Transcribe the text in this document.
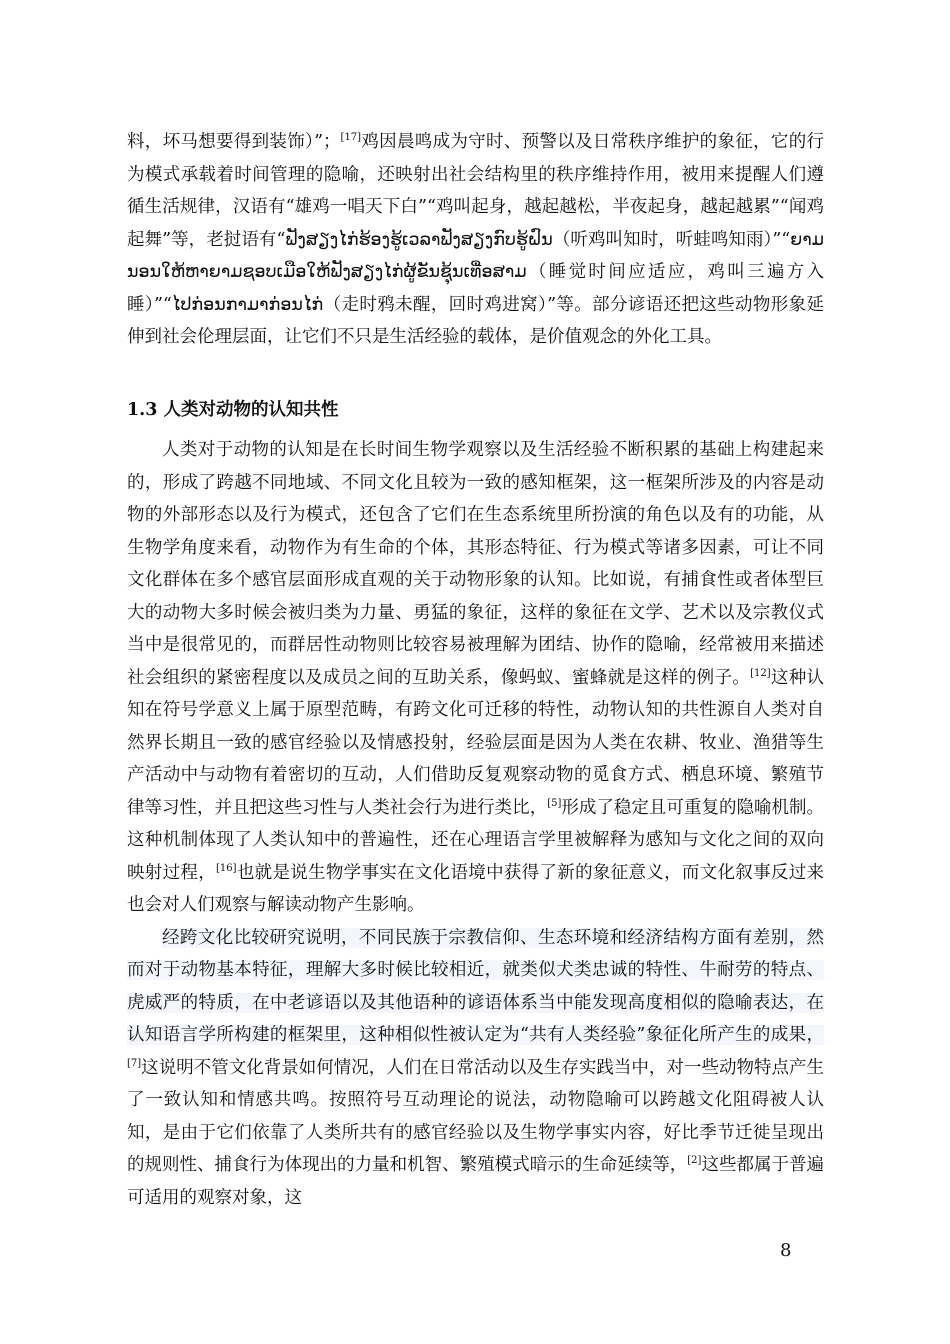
料，坏马想要得到装饰）”；[17]鸡因晨鸣成为守时、预警以及日常秩序维护的象征，它的行为模式承载着时间管理的隐喻，还映射出社会结构里的秩序维持作用，被用来提醒人们遵循生活规律，汉语有“雄鸡一唱天下白”“鸡叫起身，越起越松，半夜起身，越起越累”“闻鸡起舞”等，老挝语有“ຟັງສຽງໄກ່ຮ້ອງຮູ້ເວລາຟັງສຽງກົບຮູ້ຝົນ（听鸡叫知时，听蛙鸣知雨）”“ຍາມນອນໃຫ້ຫາຍາມຊອບເມືອໃຫ້ຟັງສຽງໄກ່ຜູ້ຂັນຊຸ້ນເທື່ອສາມ（睡觉时间应适应，鸡叫三遍方入睡）”“ໄປກ່ອນກາມາກ່ອນໄກ່（走时鸦未醒，回时鸡进窝）”等。部分谚语还把这些动物形象延伸到社会伦理层面，让它们不只是生活经验的载体，是价值观念的外化工具。

1.3 人类对动物的认知共性

人类对于动物的认知是在长时间生物学观察以及生活经验不断积累的基础上构建起来的，形成了跨越不同地域、不同文化且较为一致的感知框架，这一框架所涉及的内容是动物的外部形态以及行为模式，还包含了它们在生态系统里所扮演的角色以及有的功能，从生物学角度来看，动物作为有生命的个体，其形态特征、行为模式等诸多因素，可让不同文化群体在多个感官层面形成直观的关于动物形象的认知。比如说，有捕食性或者体型巨大的动物大多时候会被归类为力量、勇猛的象征，这样的象征在文学、艺术以及宗教仪式当中是很常见的，而群居性动物则比较容易被理解为团结、协作的隐喻，经常被用来描述社会组织的紧密程度以及成员之间的互助关系，像蚂蚁、蜜蜂就是这样的例子。[12]这种认知在符号学意义上属于原型范畴，有跨文化可迁移的特性，动物认知的共性源自人类对自然界长期且一致的感官经验以及情感投射，经验层面是因为人类在农耕、牧业、渔猎等生产活动中与动物有着密切的互动，人们借助反复观察动物的觅食方式、栖息环境、繁殖节律等习性，并且把这些习性与人类社会行为进行类比，[5]形成了稳定且可重复的隐喻机制。这种机制体现了人类认知中的普遍性，还在心理语言学里被解释为感知与文化之间的双向映射过程，[16]也就是说生物学事实在文化语境中获得了新的象征意义，而文化叙事反过来也会对人们观察与解读动物产生影响。

经跨文化比较研究说明，不同民族于宗教信仰、生态环境和经济结构方面有差别，然而对于动物基本特征，理解大多时候比较相近，就类似犬类忠诚的特性、牛耐劳的特点、虎威严的特质，在中老谚语以及其他语种的谚语体系当中能发现高度相似的隐喻表达，在认知语言学所构建的框架里，这种相似性被认定为“共有人类经验”象征化所产生的成果，[7]这说明不管文化背景如何情况，人们在日常活动以及生存实践当中，对一些动物特点产生了一致认知和情感共鸣。按照符号互动理论的说法，动物隐喻可以跨越文化阻碍被人认知，是由于它们依靠了人类所共有的感官经验以及生物学事实内容，好比季节迁徙呈现出的规则性、捕食行为体现出的力量和机智、繁殖模式暗示的生命延续等，[2]这些都属于普遍可适用的观察对象，这

8
